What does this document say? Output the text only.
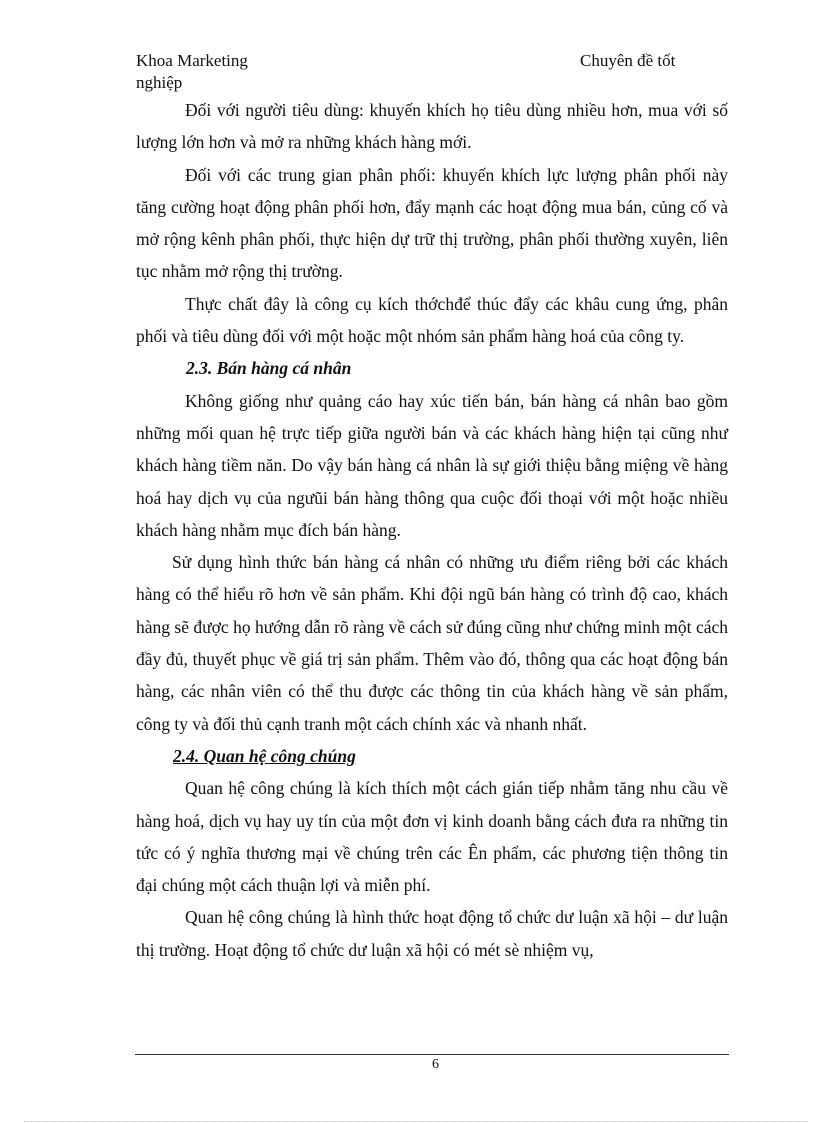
Khoa Marketing
nghiệp
Chuyên đề tốt

Đối với người tiêu dùng: khuyến khích họ tiêu dùng nhiều hơn, mua với số lượng lớn hơn và mở ra những khách hàng mới.

Đối với các trung gian phân phối: khuyến khích lực lượng phân phối này tăng cường hoạt động phân phối hơn, đẩy mạnh các hoạt động mua bán, củng cố và mở rộng kênh phân phối, thực hiện dự trữ thị trường, phân phối thường xuyên, liên tục nhằm mở rộng thị trường.

Thực chất đây là công cụ kích thớchđể thúc đẩy các khâu cung ứng, phân phối và tiêu dùng đối với một hoặc một nhóm sản phẩm hàng hoá của công ty.

2.3. Bán hàng cá nhân

Không giống như quảng cáo hay xúc tiến bán, bán hàng cá nhân bao gồm những mối quan hệ trực tiếp giữa người bán và các khách hàng hiện tại cũng như khách hàng tiềm năn. Do vậy bán hàng cá nhân là sự giới thiệu bằng miệng về hàng hoá hay dịch vụ của ngưũi bán hàng thông qua cuộc đối thoại với một hoặc nhiều khách hàng nhằm mục đích bán hàng.

Sử dụng hình thức bán hàng cá nhân có những ưu điểm riêng bởi các khách hàng có thể hiểu rõ hơn về sản phẩm. Khi đội ngũ bán hàng có trình độ cao, khách hàng sẽ được họ hướng dẫn rõ ràng về cách sử đúng cũng như chứng minh một cách đầy đủ, thuyết phục về giá trị sản phẩm. Thêm vào đó, thông qua các hoạt động bán hàng, các nhân viên có thể thu được các thông tin của khách hàng về sản phẩm, công ty và đối thủ cạnh tranh một cách chính xác và nhanh nhất.

2.4. Quan hệ công chúng

Quan hệ công chúng là kích thích một cách gián tiếp nhằm tăng nhu cầu về hàng hoá, dịch vụ hay uy tín của một đơn vị kinh doanh bằng cách đưa ra những tin tức có ý nghĩa thương mại về chúng trên các Ên phẩm, các phương tiện thông tin đại chúng một cách thuận lợi và miễn phí.

Quan hệ công chúng là hình thức hoạt động tổ chức dư luận xã hội – dư luận thị trường. Hoạt động tổ chức dư luận xã hội có mét sè nhiệm vụ,

6
